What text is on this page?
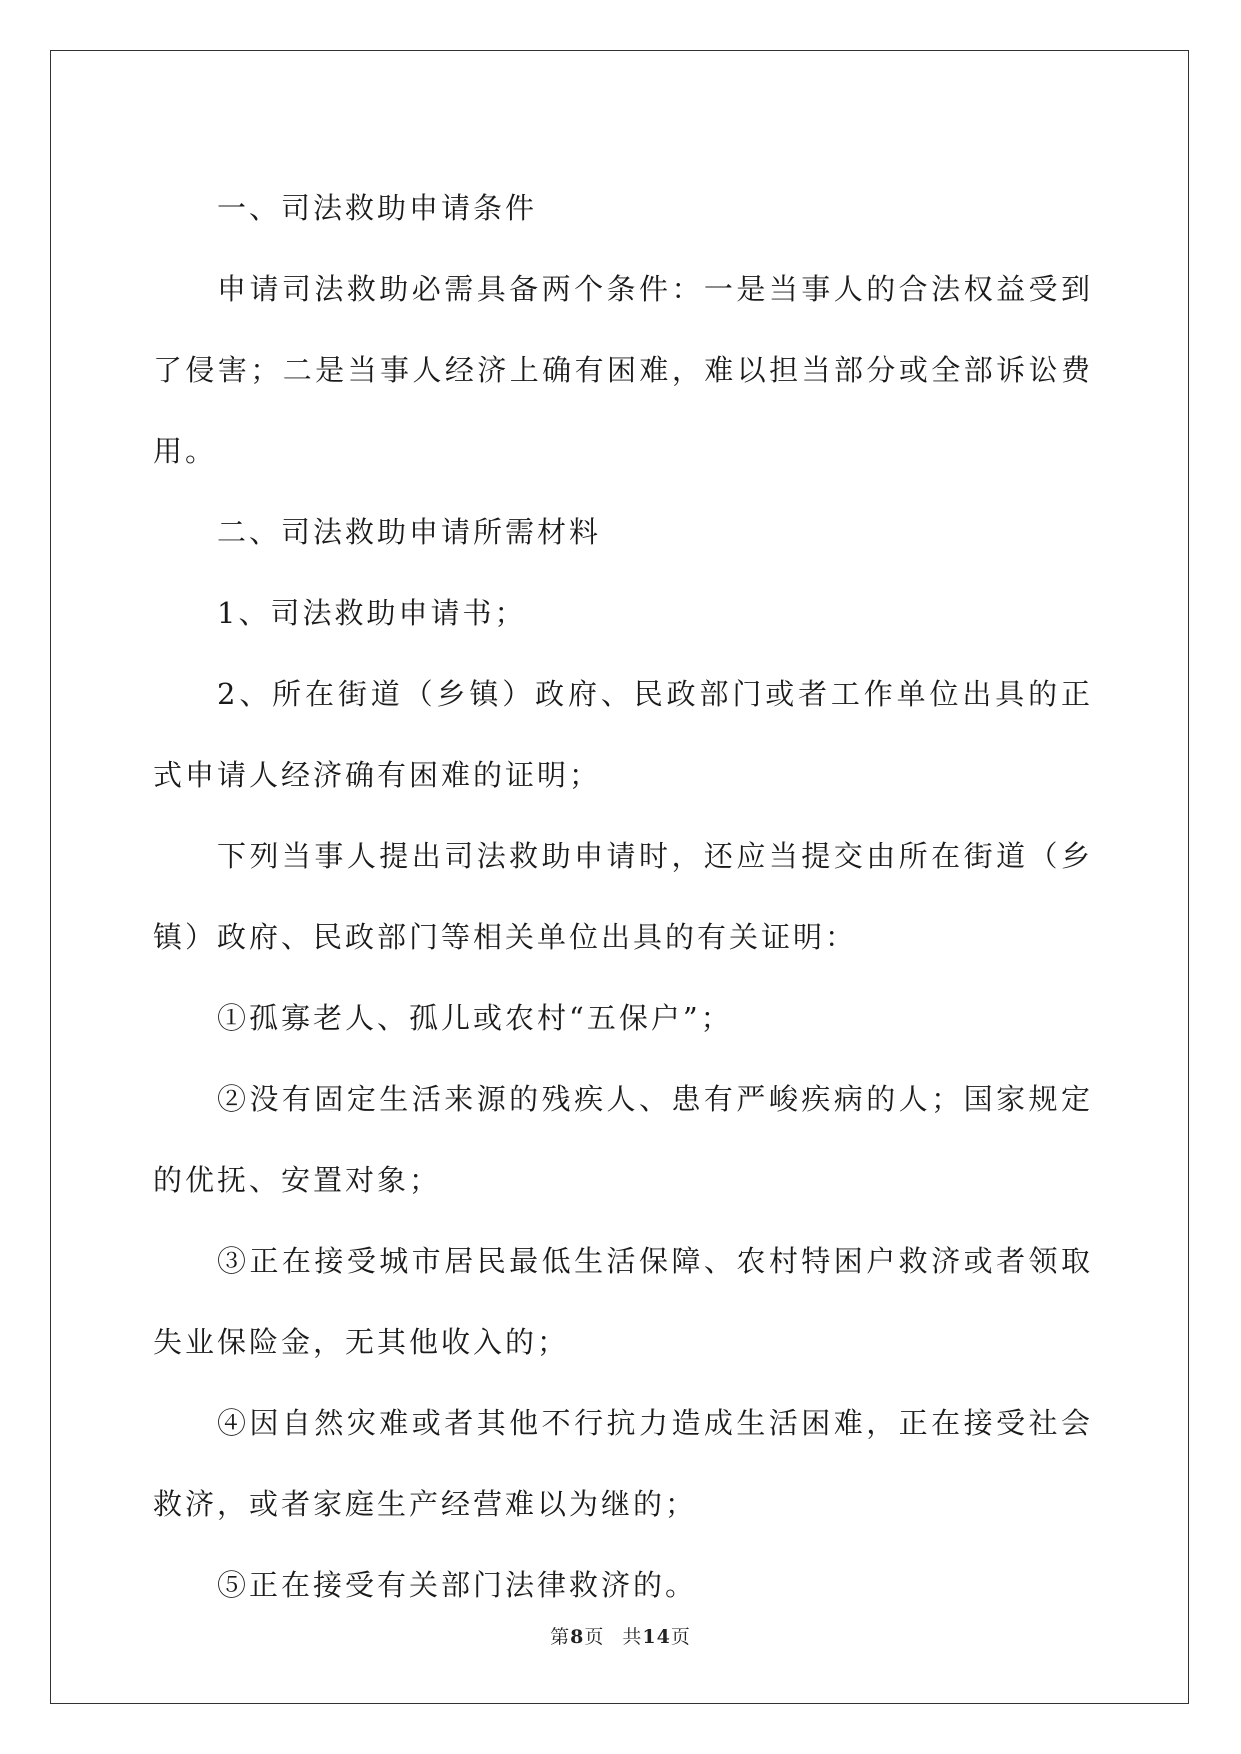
一、司法救助申请条件

申请司法救助必需具备两个条件：一是当事人的合法权益受到了侵害；二是当事人经济上确有困难，难以担当部分或全部诉讼费用。

二、司法救助申请所需材料

1、司法救助申请书；

2、所在街道（乡镇）政府、民政部门或者工作单位出具的正式申请人经济确有困难的证明；

下列当事人提出司法救助申请时，还应当提交由所在街道（乡镇）政府、民政部门等相关单位出具的有关证明：

①孤寡老人、孤儿或农村“五保户”；

②没有固定生活来源的残疾人、患有严峻疾病的人；国家规定的优抚、安置对象；

③正在接受城市居民最低生活保障、农村特困户救济或者领取失业保险金，无其他收入的；

④因自然灾难或者其他不行抗力造成生活困难，正在接受社会救济，或者家庭生产经营难以为继的；

⑤正在接受有关部门法律救济的。

第8页 共14页
